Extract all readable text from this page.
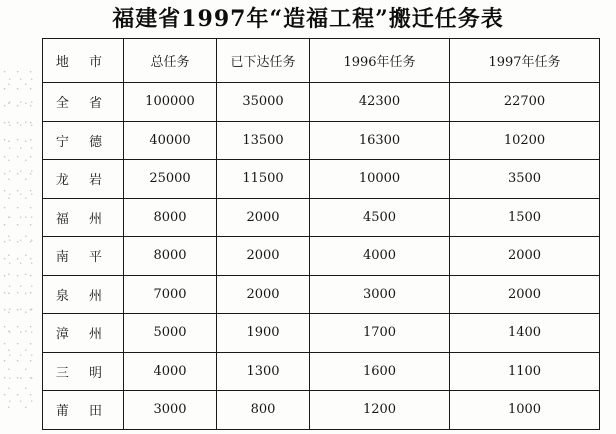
福建省1997年“造福工程”搬迁任务表
地 市	总任务	已下达任务	1996年任务	1997年任务
全 省	100000	35000	42300	22700
宁 德	40000	13500	16300	10200
龙 岩	25000	11500	10000	3500
福 州	8000	2000	4500	1500
南 平	8000	2000	4000	2000
泉 州	7000	2000	3000	2000
漳 州	5000	1900	1700	1400
三 明	4000	1300	1600	1100
莆 田	3000	800	1200	1000
